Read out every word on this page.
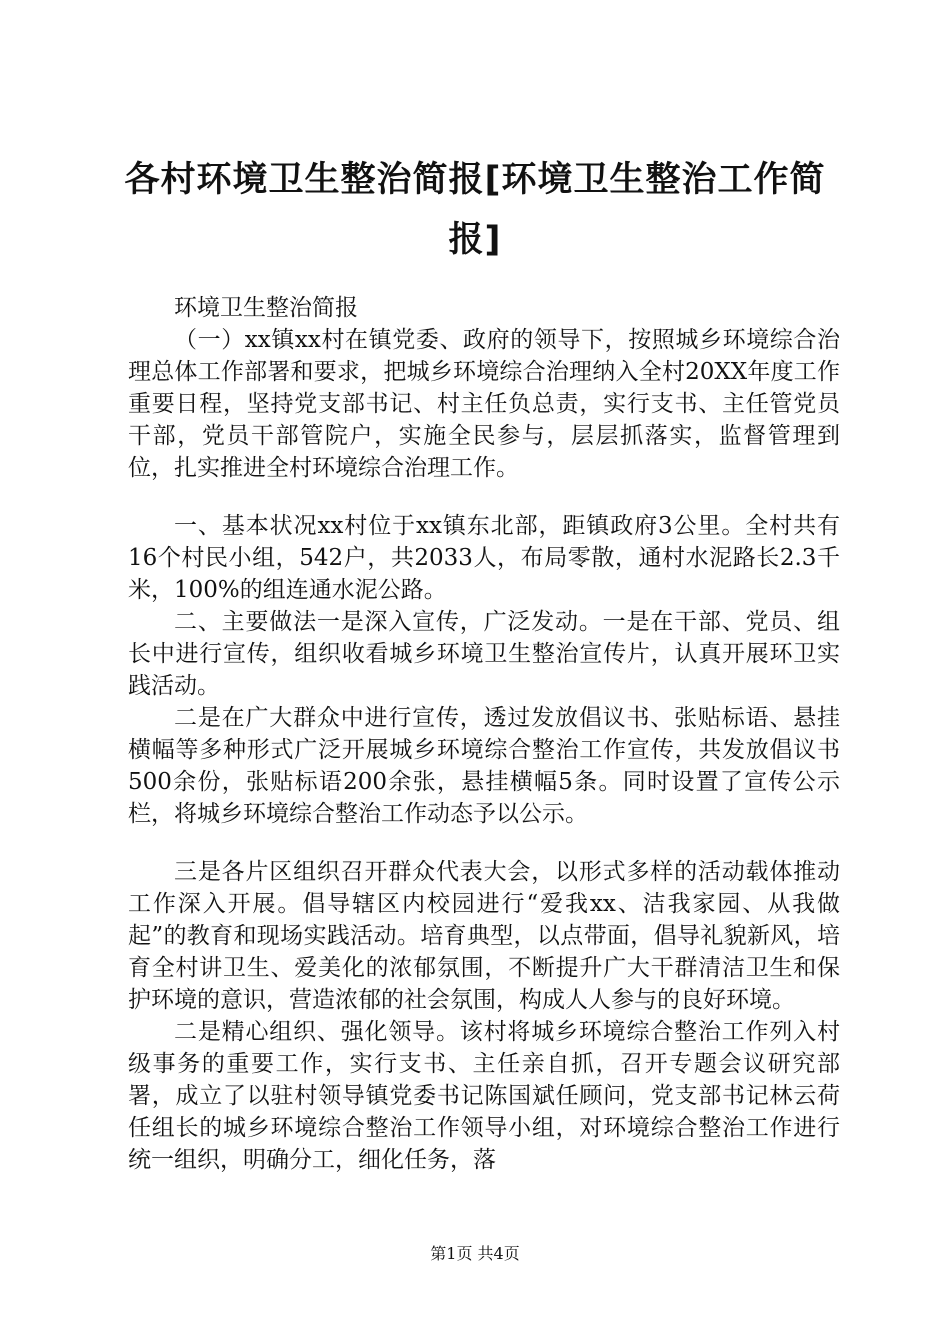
各村环境卫生整治简报[环境卫生整治工作简报]

环境卫生整治简报

（一）xx镇xx村在镇党委、政府的领导下，按照城乡环境综合治理总体工作部署和要求，把城乡环境综合治理纳入全村20XX年度工作重要日程，坚持党支部书记、村主任负总责，实行支书、主任管党员干部，党员干部管院户，实施全民参与，层层抓落实，监督管理到位，扎实推进全村环境综合治理工作。

一、基本状况xx村位于xx镇东北部，距镇政府3公里。全村共有16个村民小组，542户，共2033人，布局零散，通村水泥路长2.3千米，100%的组连通水泥公路。

二、主要做法一是深入宣传，广泛发动。一是在干部、党员、组长中进行宣传，组织收看城乡环境卫生整治宣传片，认真开展环卫实践活动。

二是在广大群众中进行宣传，透过发放倡议书、张贴标语、悬挂横幅等多种形式广泛开展城乡环境综合整治工作宣传，共发放倡议书500余份，张贴标语200余张，悬挂横幅5条。同时设置了宣传公示栏，将城乡环境综合整治工作动态予以公示。

三是各片区组织召开群众代表大会，以形式多样的活动载体推动工作深入开展。倡导辖区内校园进行“爱我xx、洁我家园、从我做起”的教育和现场实践活动。培育典型，以点带面，倡导礼貌新风，培育全村讲卫生、爱美化的浓郁氛围，不断提升广大干群清洁卫生和保护环境的意识，营造浓郁的社会氛围，构成人人参与的良好环境。

二是精心组织、强化领导。该村将城乡环境综合整治工作列入村级事务的重要工作，实行支书、主任亲自抓，召开专题会议研究部署，成立了以驻村领导镇党委书记陈国斌任顾问，党支部书记林云荷任组长的城乡环境综合整治工作领导小组，对环境综合整治工作进行统一组织，明确分工，细化任务，落

第1页 共4页
